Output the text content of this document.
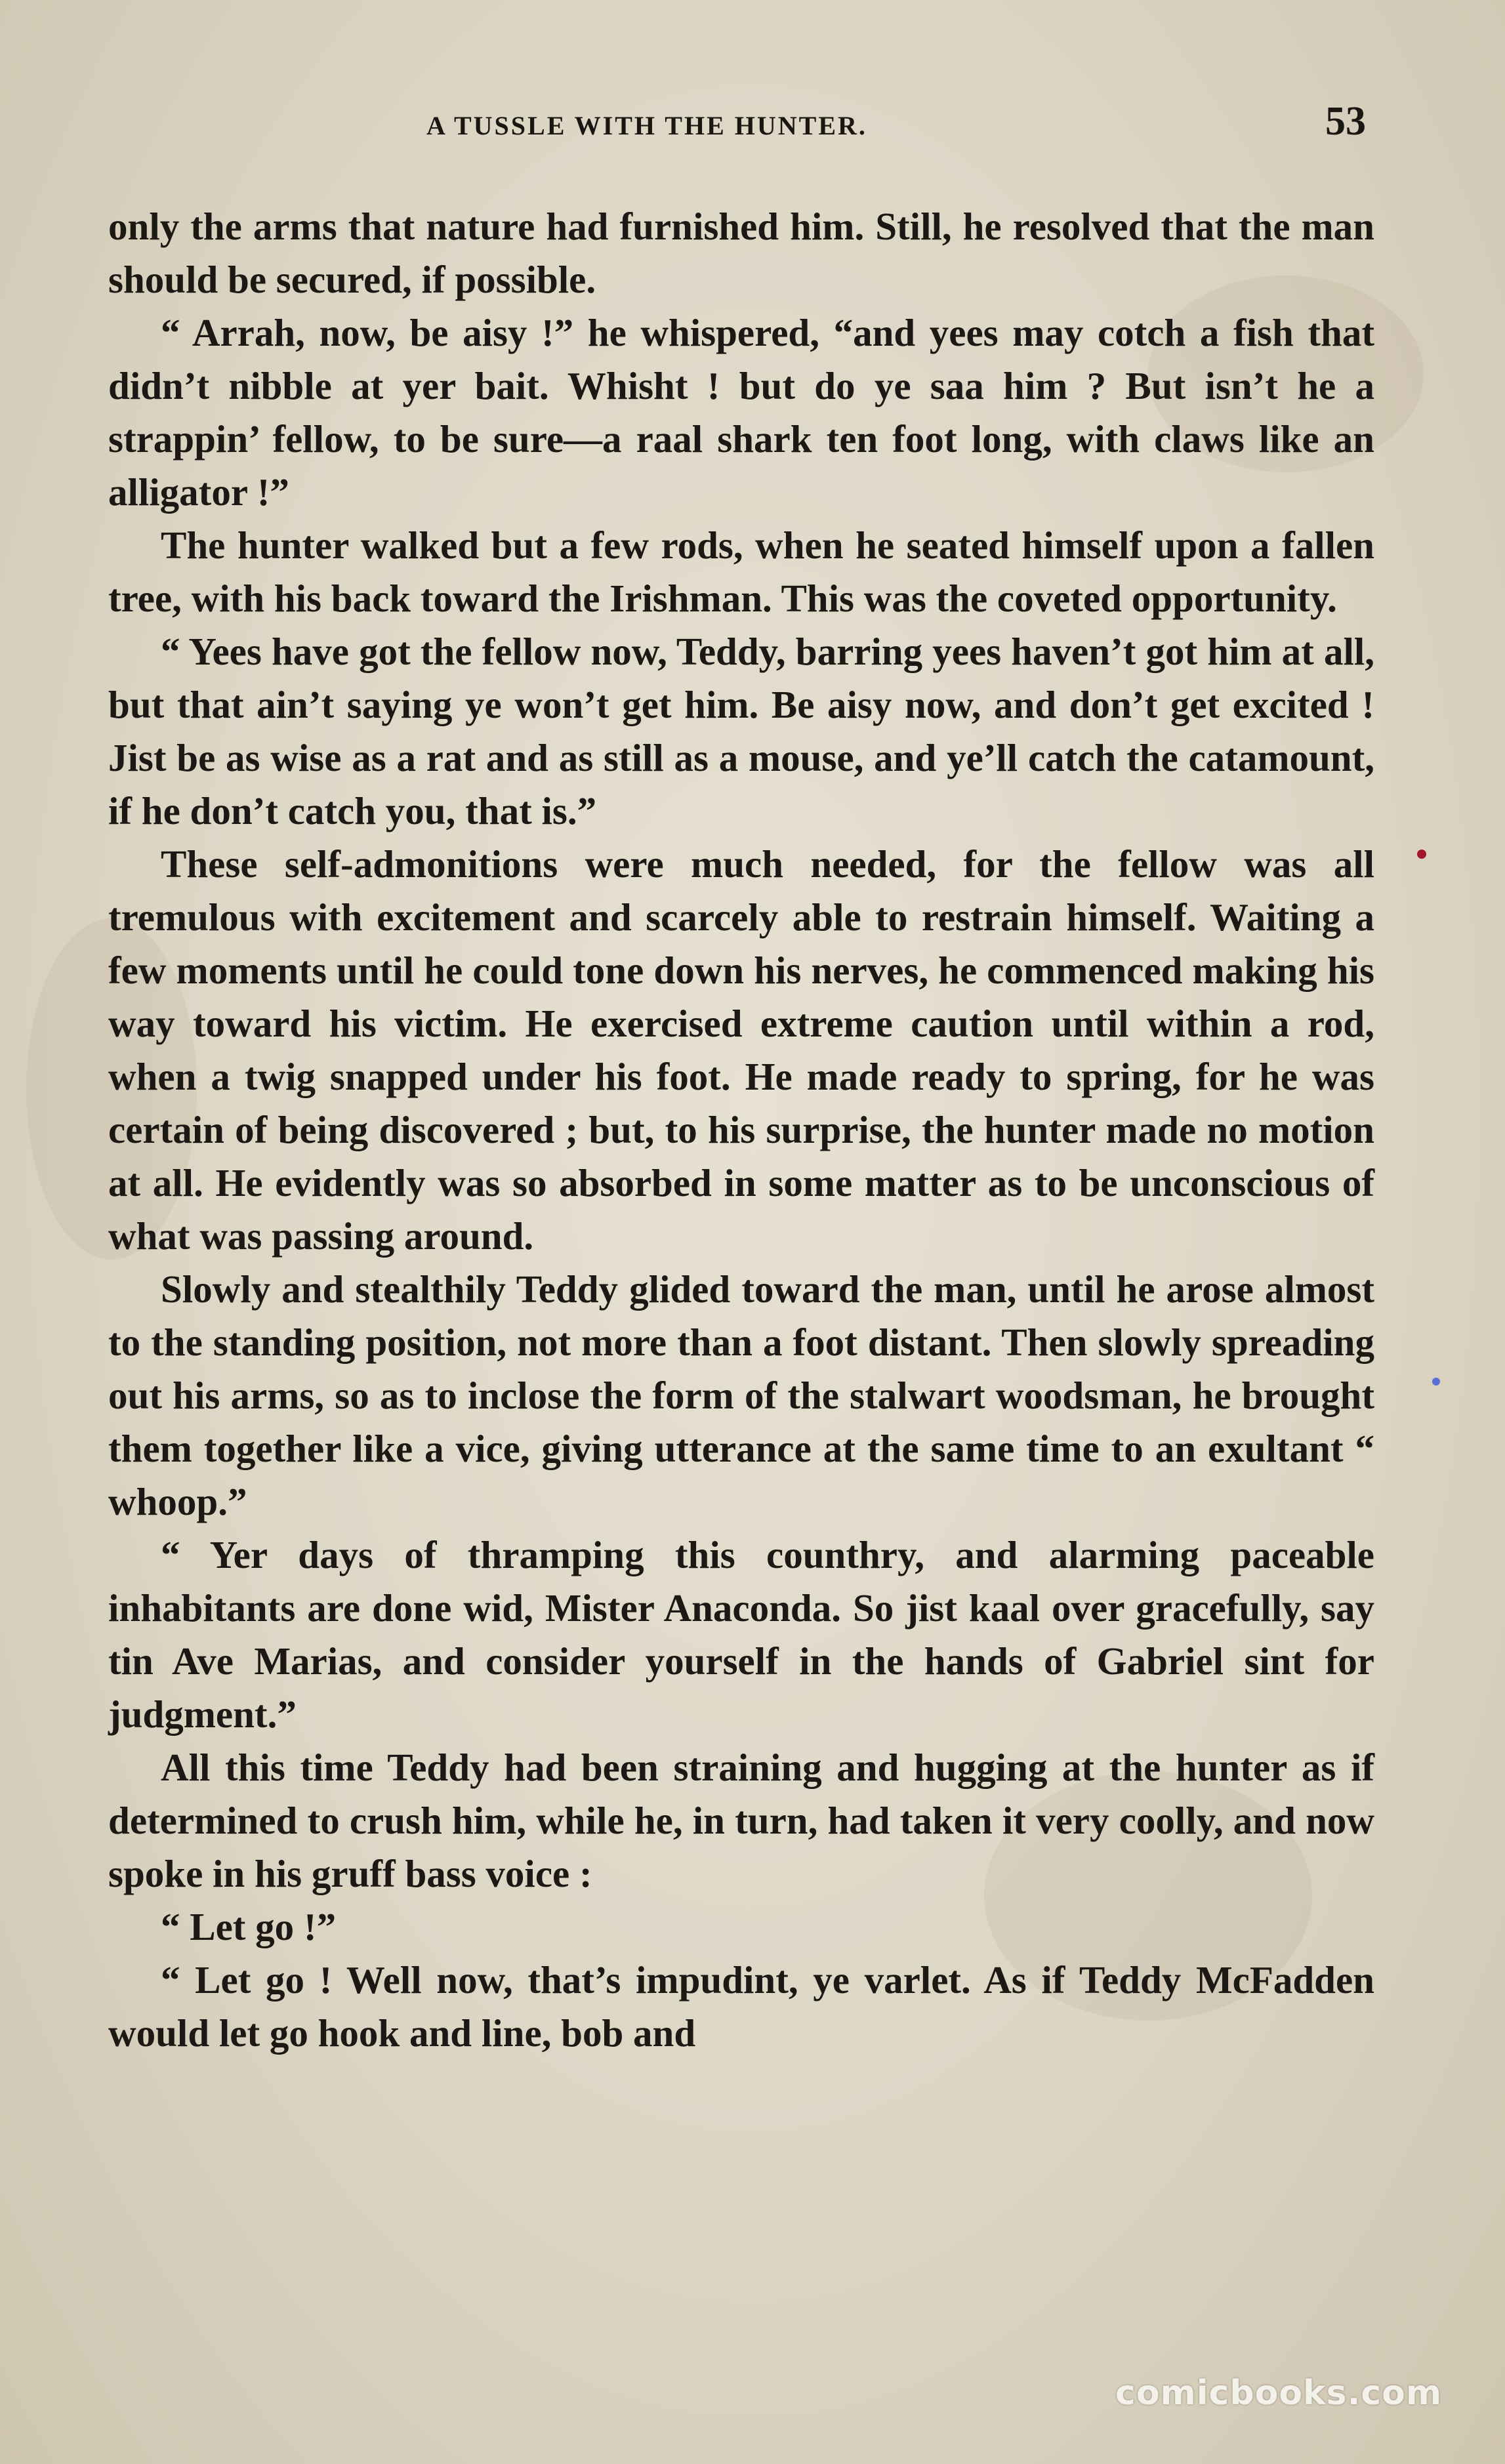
A TUSSLE WITH THE HUNTER.	53

only the arms that nature had furnished him. Still, he resolved that the man should be secured, if possible.

“ Arrah, now, be aisy !” he whispered, “and yees may cotch a fish that didn’t nibble at yer bait. Whisht ! but do ye saa him ? But isn’t he a strappin’ fellow, to be sure—a raal shark ten foot long, with claws like an alligator !”

The hunter walked but a few rods, when he seated himself upon a fallen tree, with his back toward the Irishman. This was the coveted opportunity.

“ Yees have got the fellow now, Teddy, barring yees haven’t got him at all, but that ain’t saying ye won’t get him. Be aisy now, and don’t get excited ! Jist be as wise as a rat and as still as a mouse, and ye’ll catch the catamount, if he don’t catch you, that is.”

These self-admonitions were much needed, for the fellow was all tremulous with excitement and scarcely able to restrain himself. Waiting a few moments until he could tone down his nerves, he commenced making his way toward his victim. He exercised extreme caution until within a rod, when a twig snapped under his foot. He made ready to spring, for he was certain of being discovered ; but, to his surprise, the hunter made no motion at all. He evidently was so absorbed in some matter as to be unconscious of what was passing around.

Slowly and stealthily Teddy glided toward the man, until he arose almost to the standing position, not more than a foot distant. Then slowly spreading out his arms, so as to inclose the form of the stalwart woodsman, he brought them together like a vice, giving utterance at the same time to an exultant “ whoop.”

“ Yer days of thramping this counthry, and alarming paceable inhabitants are done wid, Mister Anaconda. So jist kaal over gracefully, say tin Ave Marias, and consider yourself in the hands of Gabriel sint for judgment.”

All this time Teddy had been straining and hugging at the hunter as if determined to crush him, while he, in turn, had taken it very coolly, and now spoke in his gruff bass voice :

“ Let go !”

“ Let go ! Well now, that’s impudint, ye varlet. As if Teddy McFadden would let go hook and line, bob and

comicbooks.com
